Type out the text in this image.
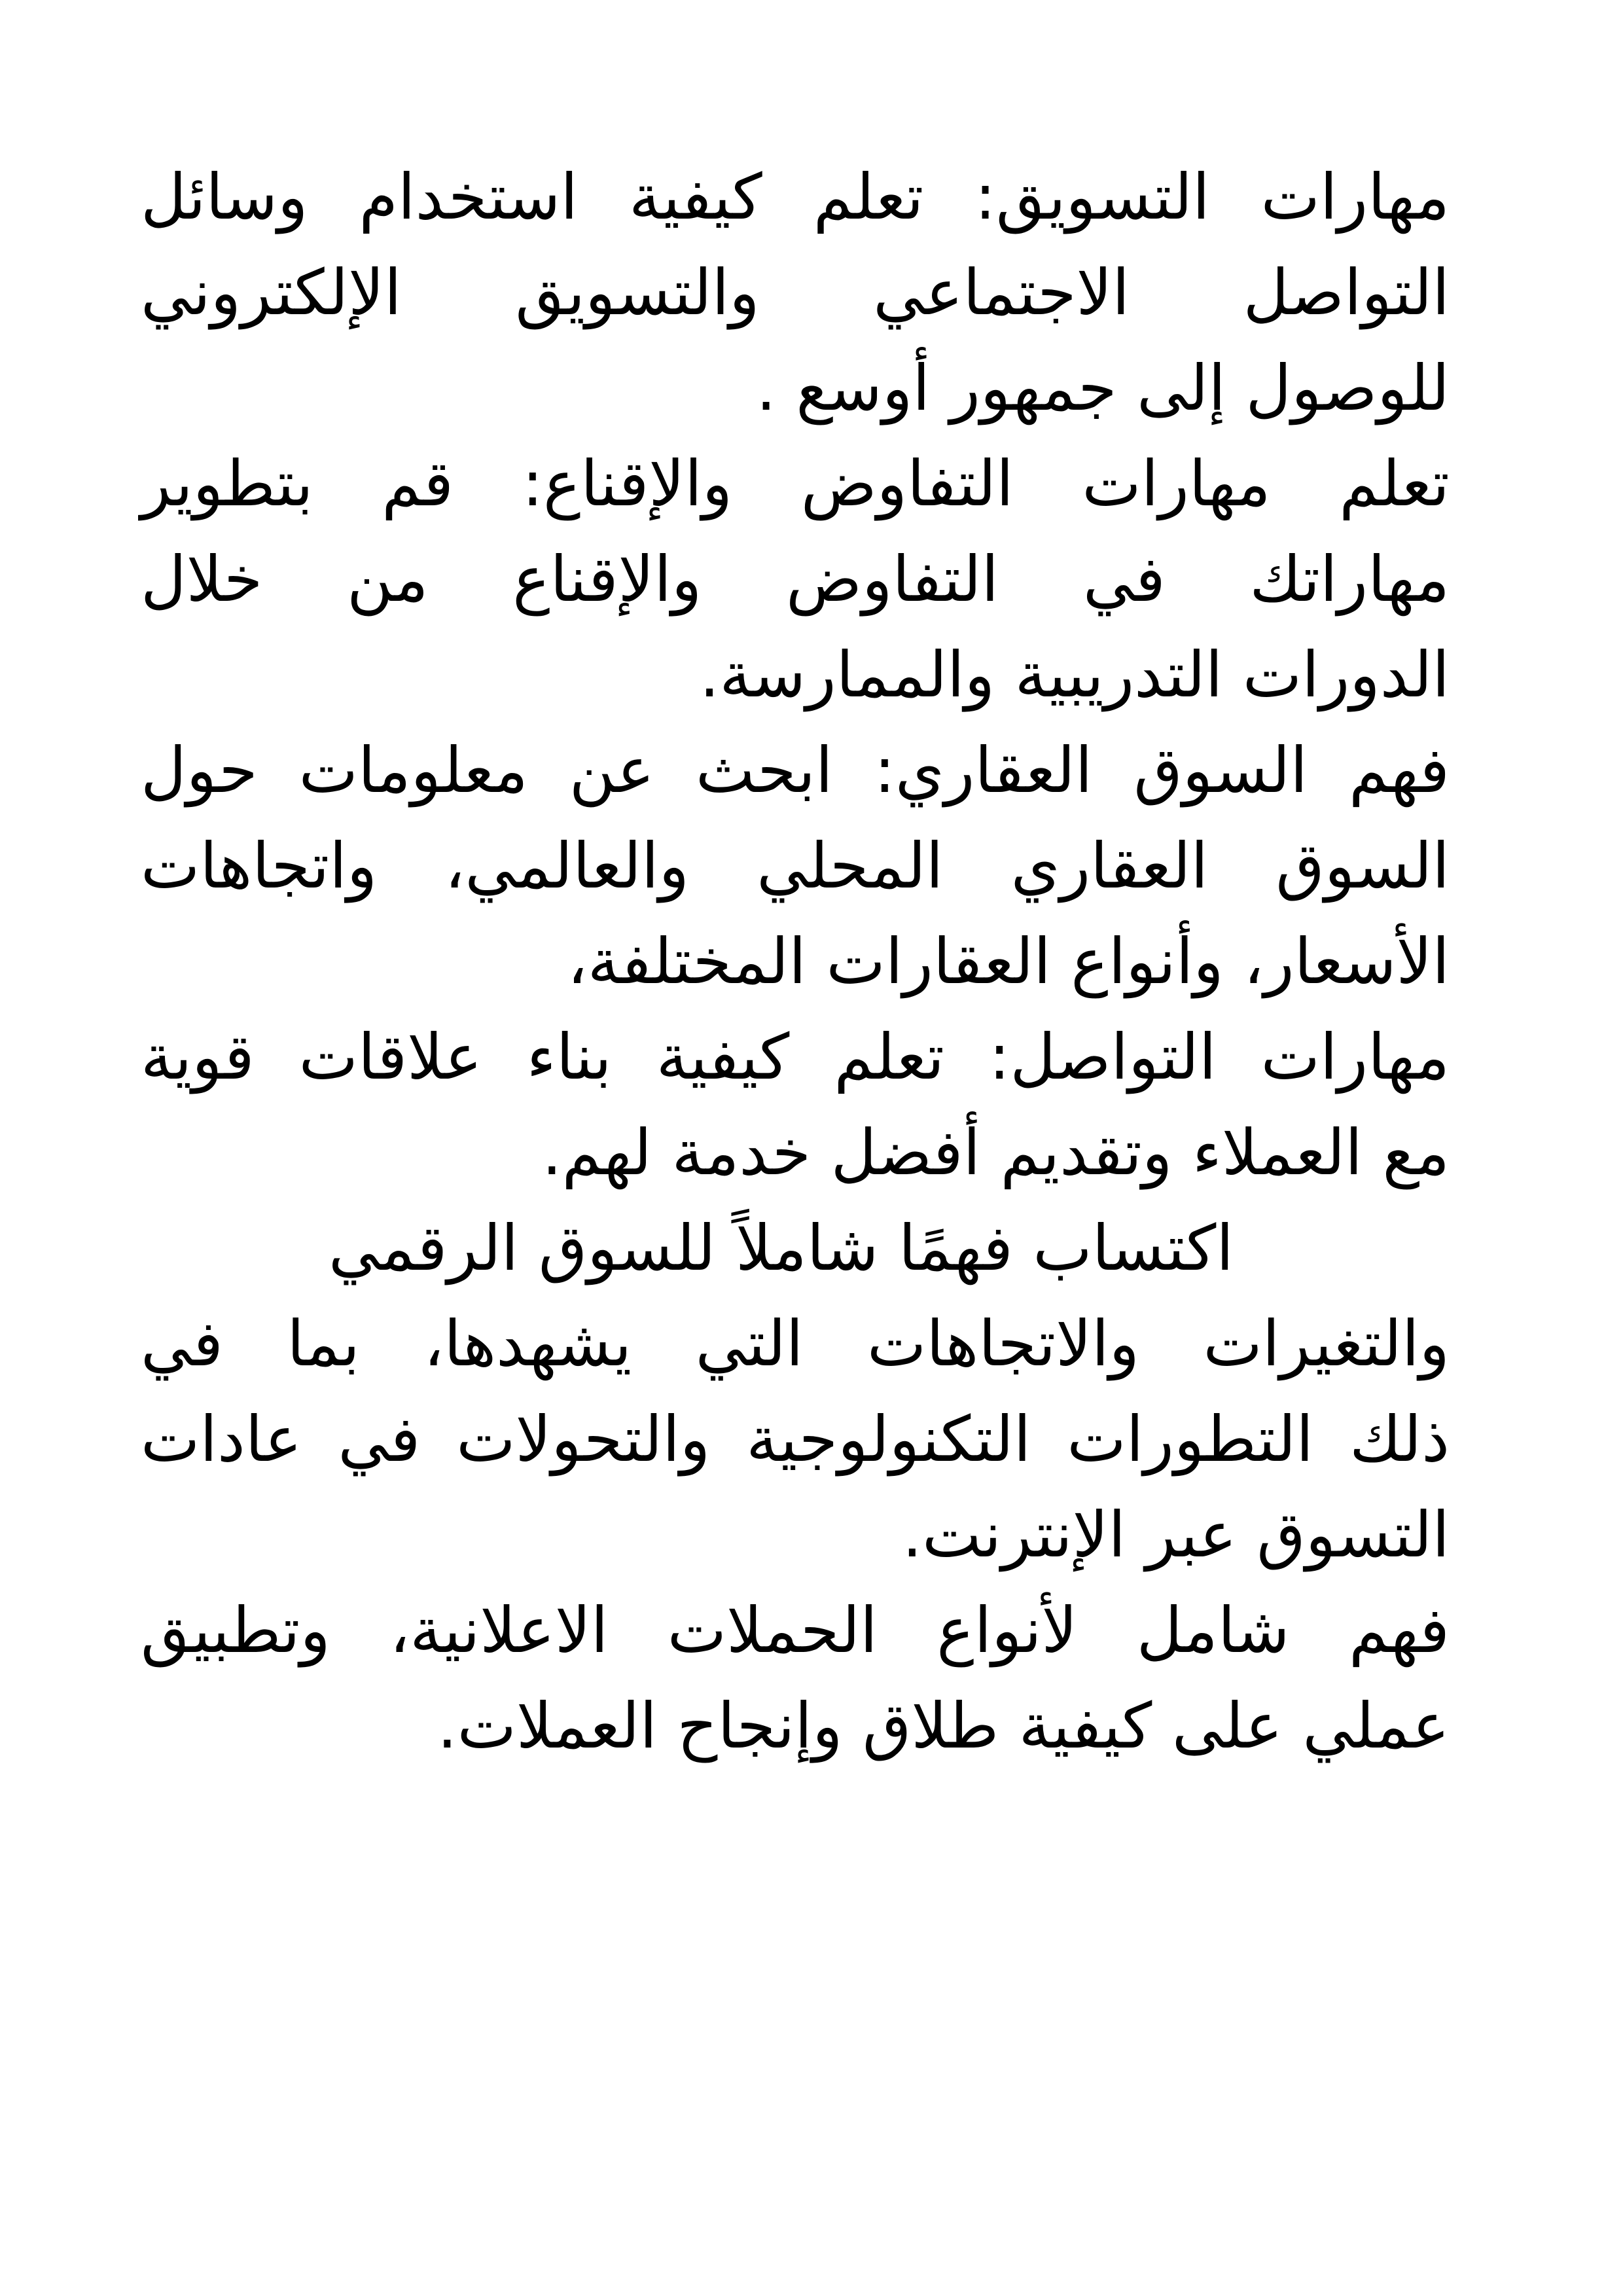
مهارات التسويق: تعلم كيفية استخدام وسائل
التواصل الاجتماعي والتسويق الإلكتروني
للوصول إلى جمهور أوسع .
تعلم مهارات التفاوض والإقناع: قم بتطوير
مهاراتك في التفاوض والإقناع من خلال
الدورات التدريبية والممارسة.
فهم السوق العقاري: ابحث عن معلومات حول
السوق العقاري المحلي والعالمي، واتجاهات
الأسعار، وأنواع العقارات المختلفة،
مهارات التواصل: تعلم كيفية بناء علاقات قوية
مع العملاء وتقديم أفضل خدمة لهم.
اكتساب فهمًا شاملاً للسوق الرقمي
والتغيرات والاتجاهات التي يشهدها، بما في
ذلك التطورات التكنولوجية والتحولات في عادات
التسوق عبر الإنترنت.
فهم شامل لأنواع الحملات الاعلانية، وتطبيق
عملي على كيفية طلاق وإنجاح العملات.
